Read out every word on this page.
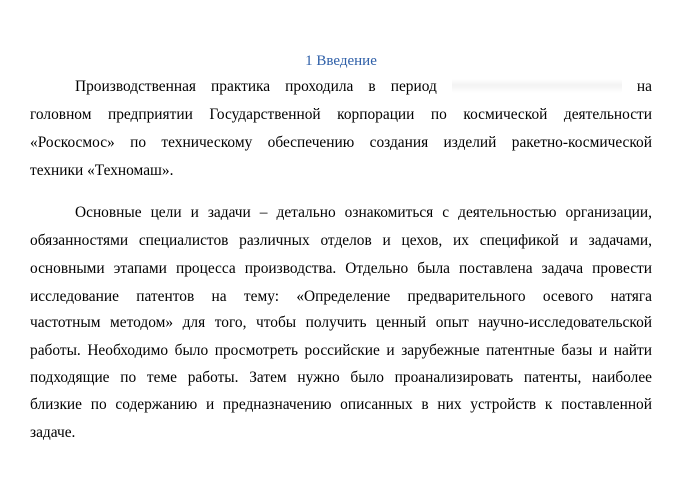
1 Введение
Производственная практика проходила в период	на
головном предприятии Государственной корпорации по космической деятельности
«Роскосмос» по техническому обеспечению создания изделий ракетно-космической
техники «Техномаш».
Основные цели и задачи – детально ознакомиться с деятельностью организации,
обязанностями специалистов различных отделов и цехов, их спецификой и задачами,
основными этапами процесса производства. Отдельно была поставлена задача провести
исследование патентов на тему: «Определение предварительного осевого натяга
частотным методом» для того, чтобы получить ценный опыт научно-исследовательской
работы. Необходимо было просмотреть российские и зарубежные патентные базы и найти
подходящие по теме работы. Затем нужно было проанализировать патенты, наиболее
близкие по содержанию и предназначению описанных в них устройств к поставленной
задаче.
